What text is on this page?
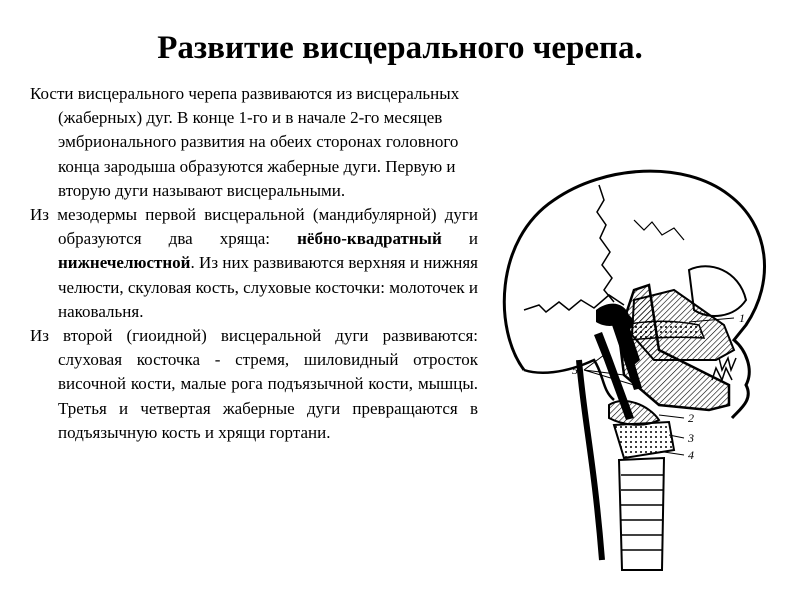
Развитие висцерального черепа.

Кости висцерального черепа развиваются из висцеральных (жаберных) дуг. В конце 1-го и в начале 2-го месяцев эмбрионального развития на обеих сторонах головного конца зародыша образуются жаберные дуги. Первую и вторую дуги называют висцеральными.

Из мезодермы первой висцеральной (мандибулярной) дуги образуются два хряща: нёбно-квадратный и нижнечелюстной. Из них развиваются верхняя и нижняя челюсти, скуловая кость, слуховые косточки: молоточек и наковальня.

Из второй (гиоидной) висцеральной дуги развиваются: слуховая косточка - стремя, шиловидный отросток височной кости, малые рога подъязычной кости, мышцы. Третья и четвертая жаберные дуги превращаются в подъязычную кость и хрящи гортани.

1
2
3
4
5
